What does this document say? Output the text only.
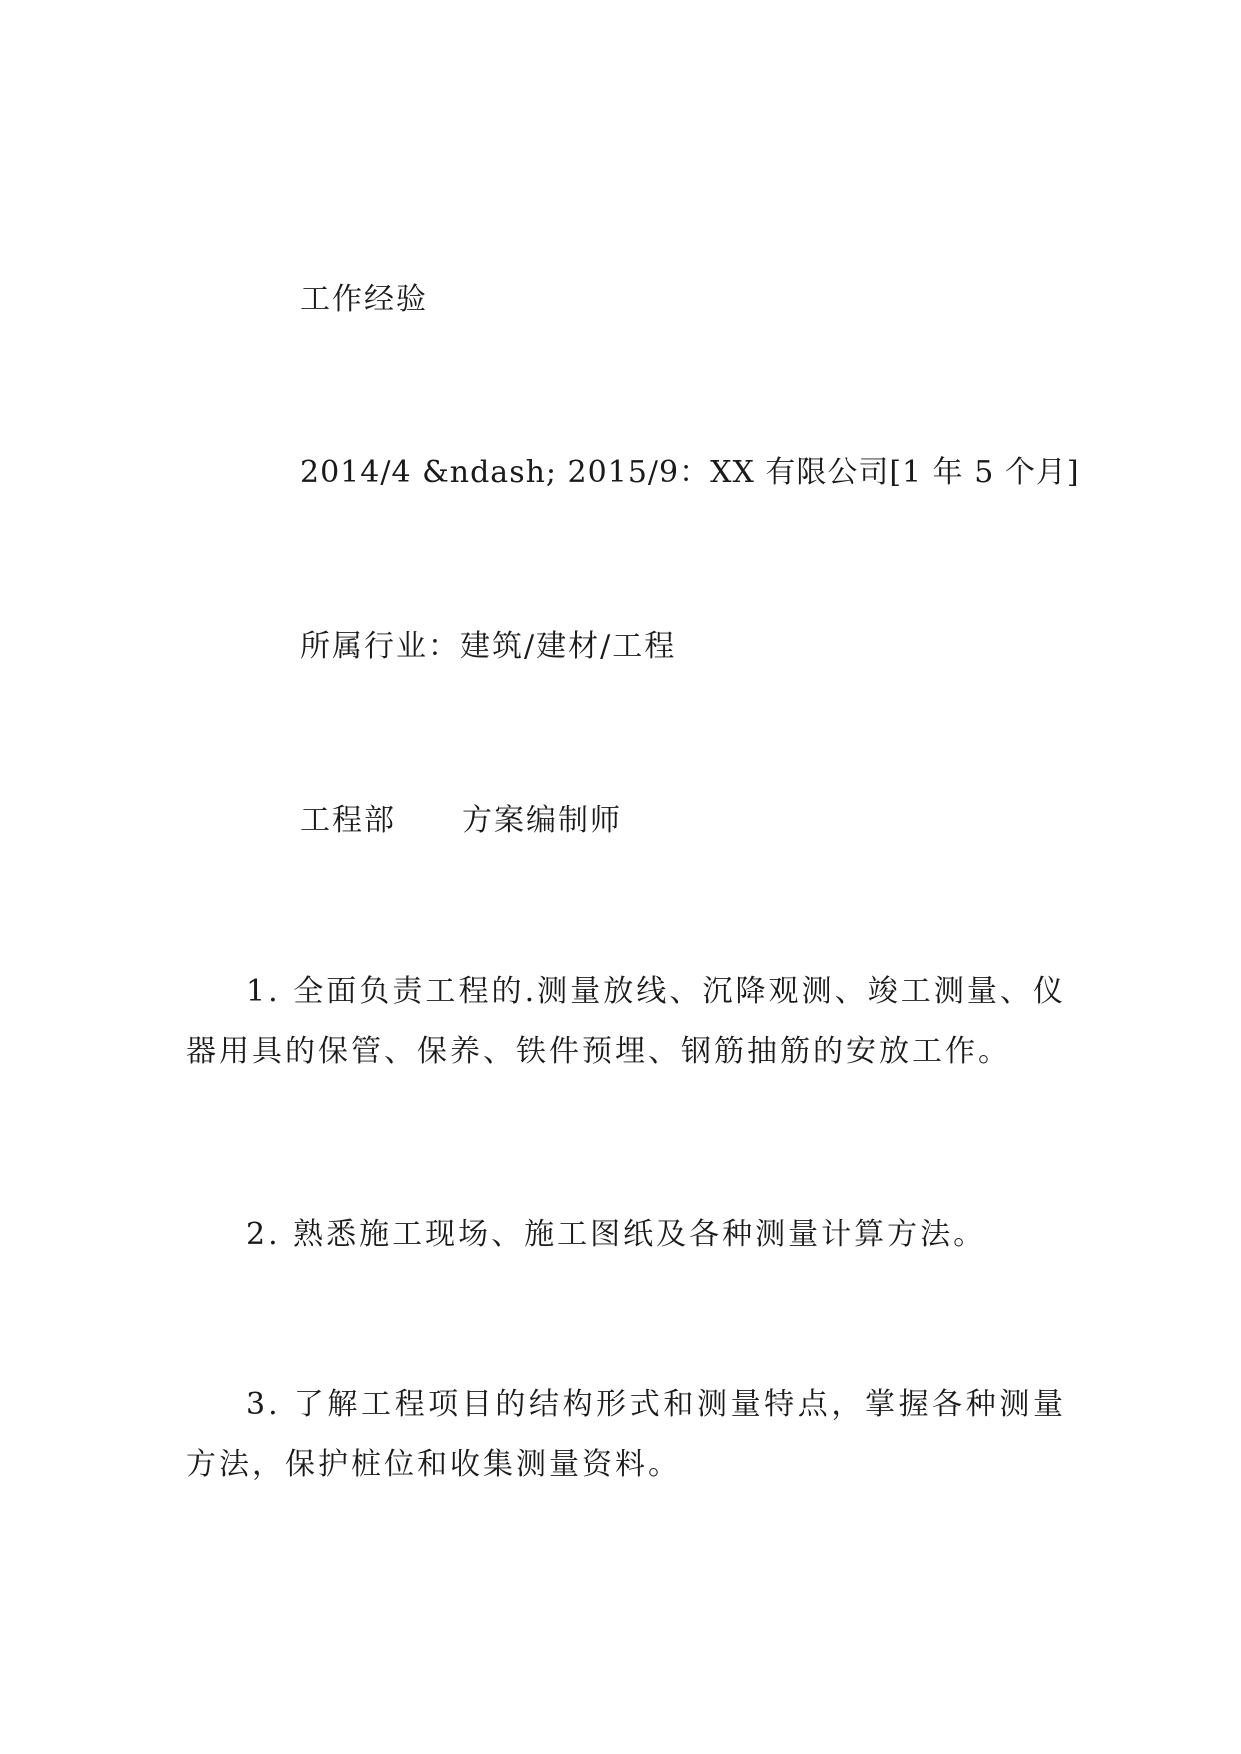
工作经验
2014/4 &ndash; 2015/9：XX 有限公司[1 年 5 个月]
所属行业：建筑/建材/工程
工程部 方案编制师
1. 全面负责工程的.测量放线、沉降观测、竣工测量、仪器用具的保管、保养、铁件预埋、钢筋抽筋的安放工作。
2. 熟悉施工现场、施工图纸及各种测量计算方法。
3. 了解工程项目的结构形式和测量特点，掌握各种测量方法，保护桩位和收集测量资料。
